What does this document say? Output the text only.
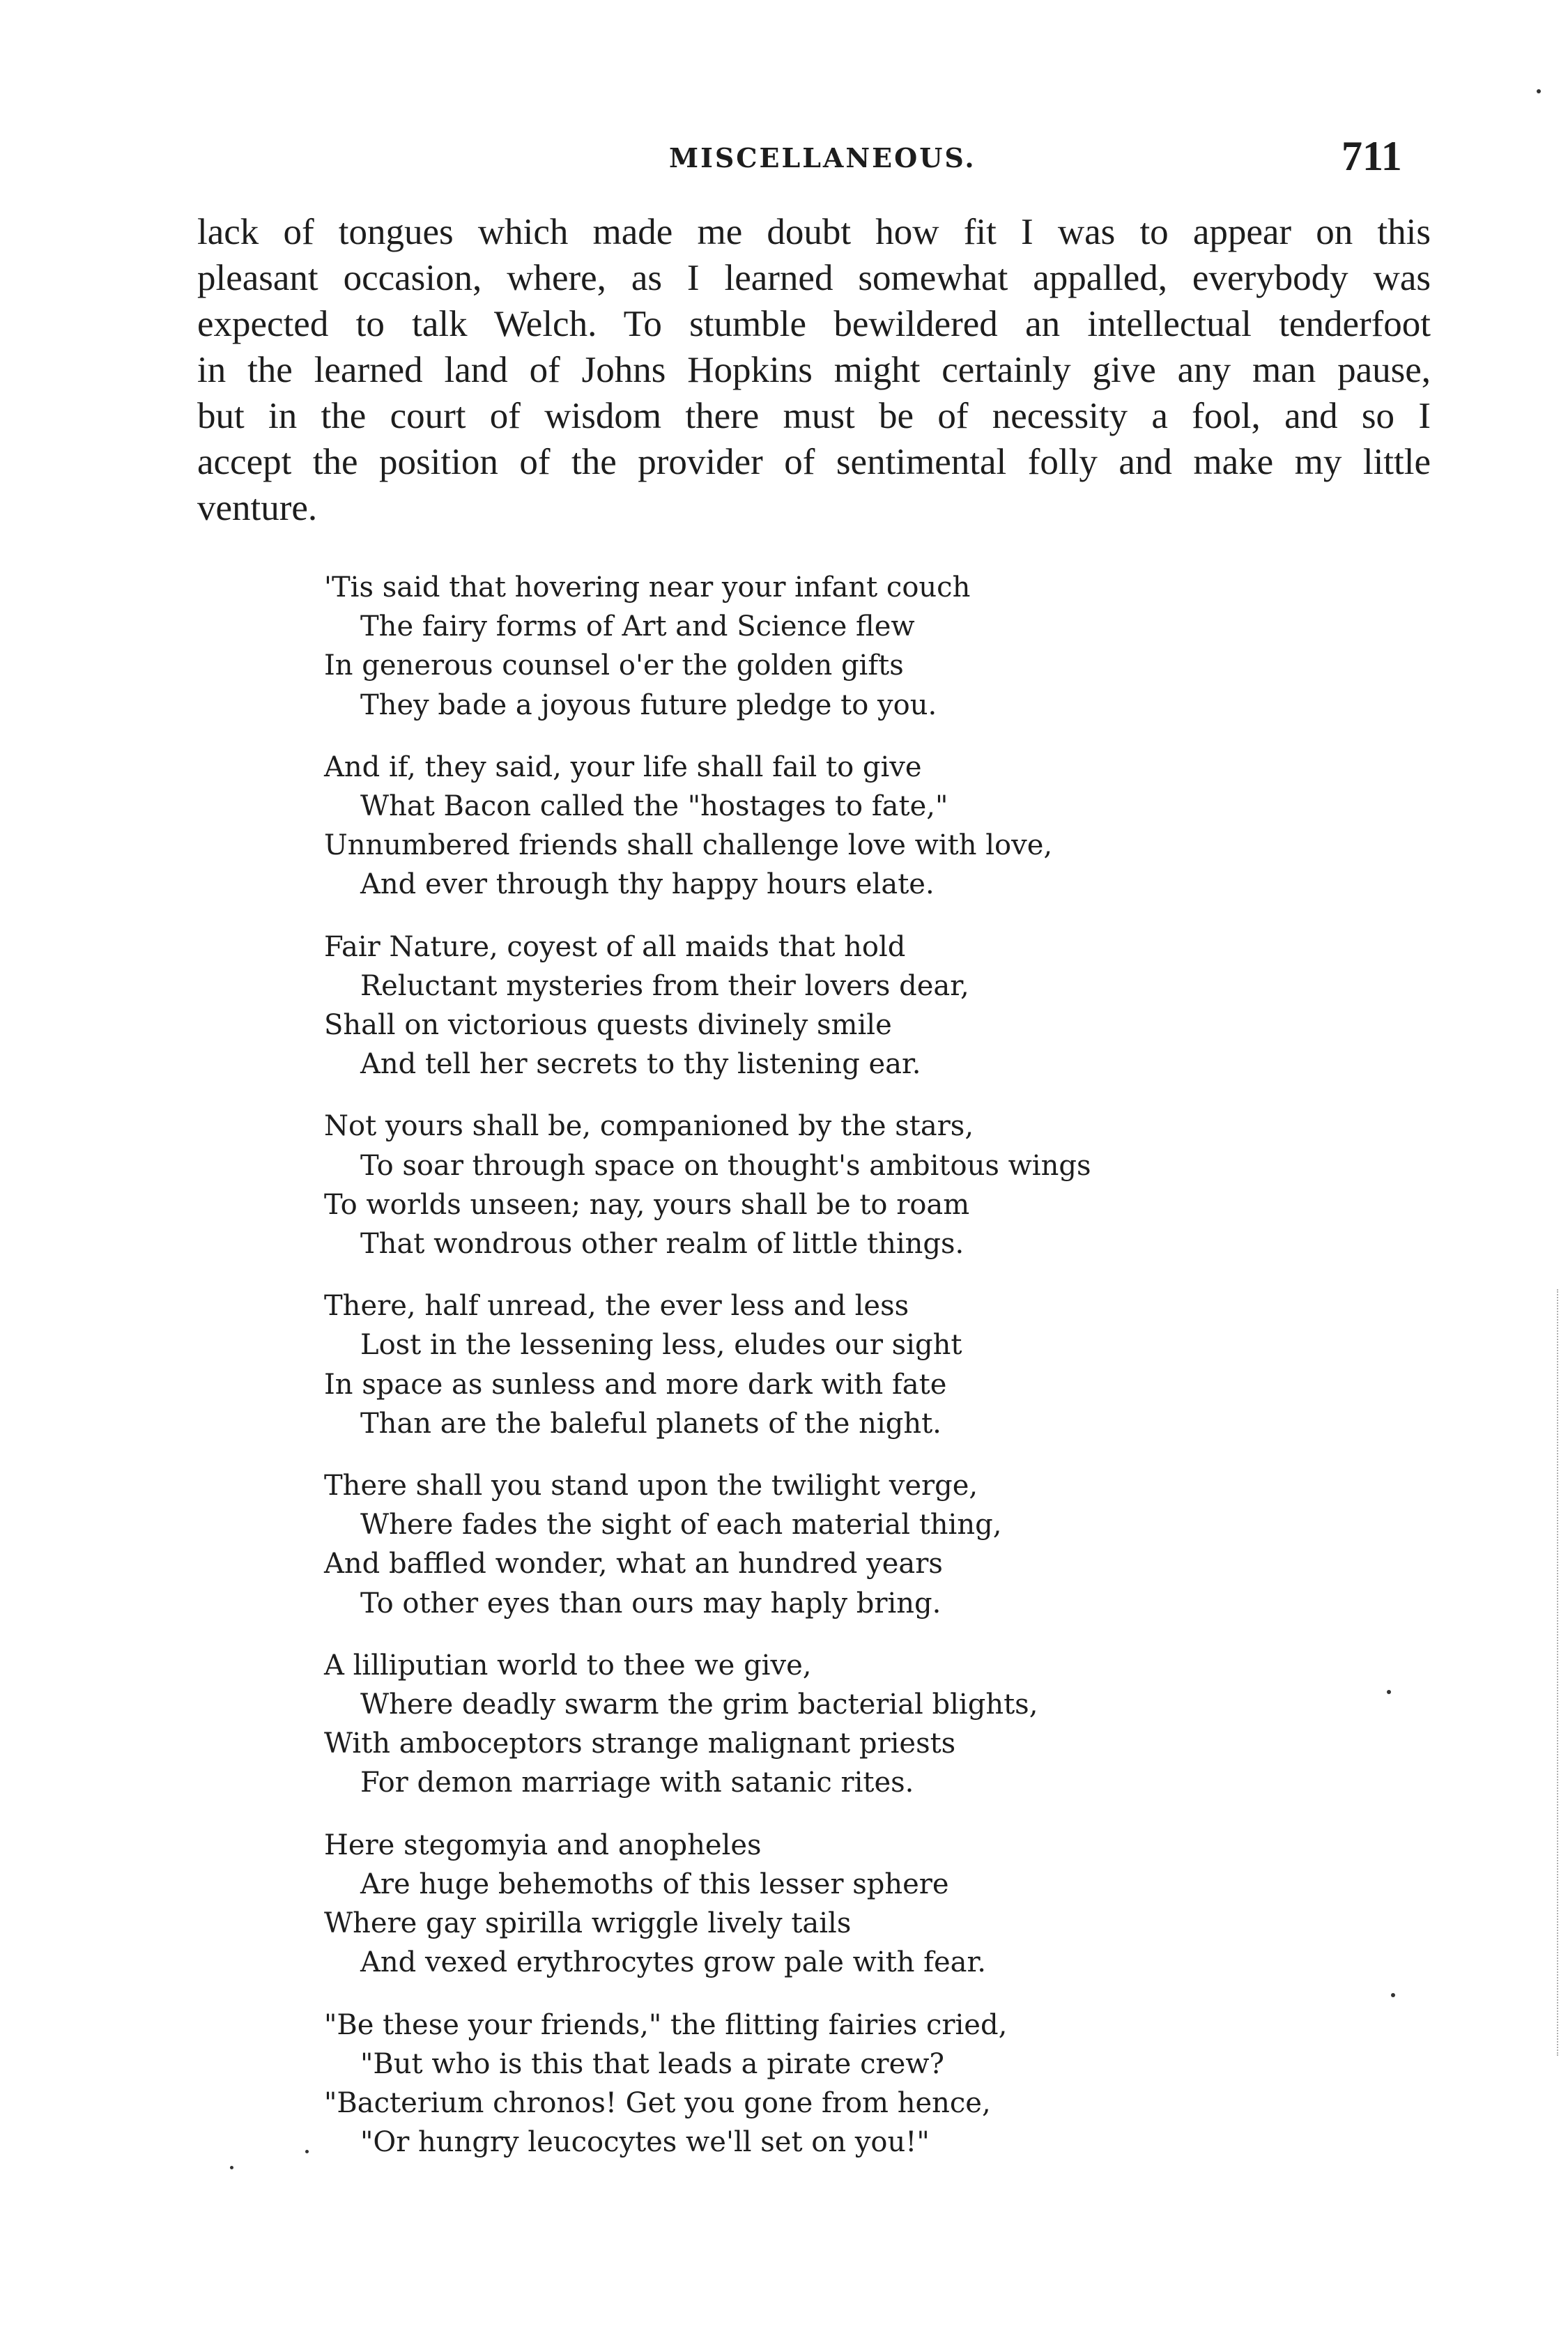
MISCELLANEOUS.	711
lack of tongues which made me doubt how fit I was to appear on this
pleasant occasion, where, as I learned somewhat appalled, everybody was
expected to talk Welch. To stumble bewildered an intellectual tenderfoot
in the learned land of Johns Hopkins might certainly give any man pause,
but in the court of wisdom there must be of necessity a fool, and so I
accept the position of the provider of sentimental folly and make my little
venture.
'Tis said that hovering near your infant couch
The fairy forms of Art and Science flew
In generous counsel o'er the golden gifts
They bade a joyous future pledge to you.
And if, they said, your life shall fail to give
What Bacon called the "hostages to fate,"
Unnumbered friends shall challenge love with love,
And ever through thy happy hours elate.
Fair Nature, coyest of all maids that hold
Reluctant mysteries from their lovers dear,
Shall on victorious quests divinely smile
And tell her secrets to thy listening ear.
Not yours shall be, companioned by the stars,
To soar through space on thought's ambitous wings
To worlds unseen; nay, yours shall be to roam
That wondrous other realm of little things.
There, half unread, the ever less and less
Lost in the lessening less, eludes our sight
In space as sunless and more dark with fate
Than are the baleful planets of the night.
There shall you stand upon the twilight verge,
Where fades the sight of each material thing,
And baffled wonder, what an hundred years
To other eyes than ours may haply bring.
A lilliputian world to thee we give,
Where deadly swarm the grim bacterial blights,
With amboceptors strange malignant priests
For demon marriage with satanic rites.
Here stegomyia and anopheles
Are huge behemoths of this lesser sphere
Where gay spirilla wriggle lively tails
And vexed erythrocytes grow pale with fear.
"Be these your friends," the flitting fairies cried,
"But who is this that leads a pirate crew?
"Bacterium chronos! Get you gone from hence,
"Or hungry leucocytes we'll set on you!"
